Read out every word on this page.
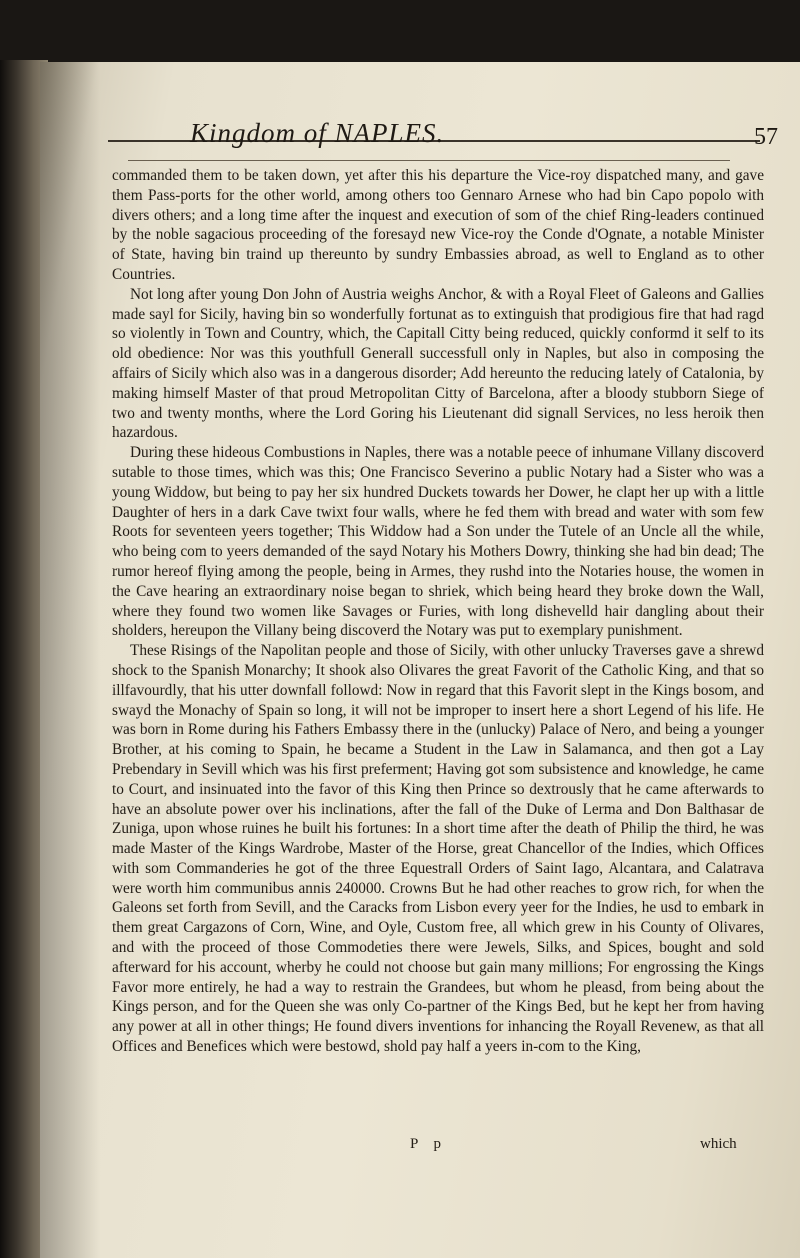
Kingdom of NAPLES.	57

commanded them to be taken down, yet after this his departure the Vice-roy dispatched many, and gave them Pass-ports for the other world, among others too Gennaro Arnese who had bin Capo popolo with divers others; and a long time after the inquest and execution of som of the chief Ring-leaders continued by the noble sagacious proceeding of the foresayd new Vice-roy the Conde d'Ognate, a notable Minister of State, having bin traind up thereunto by sundry Embassies abroad, as well to England as to other Countries.

Not long after young Don John of Austria weighs Anchor, & with a Royal Fleet of Galeons and Gallies made sayl for Sicily, having bin so wonderfully fortunat as to extinguish that prodigious fire that had ragd so violently in Town and Country, which, the Capitall Citty being reduced, quickly conformd it self to its old obedience: Nor was this youthfull Generall successfull only in Naples, but also in composing the affairs of Sicily which also was in a dangerous disorder; Add hereunto the reducing lately of Catalonia, by making himself Master of that proud Metropolitan Citty of Barcelona, after a bloody stubborn Siege of two and twenty months, where the Lord Goring his Lieutenant did signall Services, no less heroik then hazardous.

During these hideous Combustions in Naples, there was a notable peece of inhumane Villany discoverd sutable to those times, which was this; One Francisco Severino a public Notary had a Sister who was a young Widdow, but being to pay her six hundred Duckets towards her Dower, he clapt her up with a little Daughter of hers in a dark Cave twixt four walls, where he fed them with bread and water with som few Roots for seventeen yeers together; This Widdow had a Son under the Tutele of an Uncle all the while, who being com to yeers demanded of the sayd Notary his Mothers Dowry, thinking she had bin dead; The rumor hereof flying among the people, being in Armes, they rushd into the Notaries house, the women in the Cave hearing an extraordinary noise began to shriek, which being heard they broke down the Wall, where they found two women like Savages or Furies, with long dishevelld hair dangling about their sholders, hereupon the Villany being discoverd the Notary was put to exemplary punishment.

These Risings of the Napolitan people and those of Sicily, with other unlucky Traverses gave a shrewd shock to the Spanish Monarchy; It shook also Olivares the great Favorit of the Catholic King, and that so illfavourdly, that his utter downfall followd: Now in regard that this Favorit slept in the Kings bosom, and swayd the Monachy of Spain so long, it will not be improper to insert here a short Legend of his life. He was born in Rome during his Fathers Embassy there in the (unlucky) Palace of Nero, and being a younger Brother, at his coming to Spain, he became a Student in the Law in Salamanca, and then got a Lay Prebendary in Sevill which was his first preferment; Having got som subsistence and knowledge, he came to Court, and insinuated into the favor of this King then Prince so dextrously that he came afterwards to have an absolute power over his inclinations, after the fall of the Duke of Lerma and Don Balthasar de Zuniga, upon whose ruines he built his fortunes: In a short time after the death of Philip the third, he was made Master of the Kings Wardrobe, Master of the Horse, great Chancellor of the Indies, which Offices with som Commanderies he got of the three Equestrall Orders of Saint Iago, Alcantara, and Calatrava were worth him communibus annis 240000. Crowns But he had other reaches to grow rich, for when the Galeons set forth from Sevill, and the Caracks from Lisbon every yeer for the Indies, he usd to embark in them great Cargazons of Corn, Wine, and Oyle, Custom free, all which grew in his County of Olivares, and with the proceed of those Commodeties there were Jewels, Silks, and Spices, bought and sold afterward for his account, wherby he could not choose but gain many millions; For engrossing the Kings Favor more entirely, he had a way to restrain the Grandees, but whom he pleasd, from being about the Kings person, and for the Queen she was only Co-partner of the Kings Bed, but he kept her from having any power at all in other things; He found divers inventions for inhancing the Royall Revenew, as that all Offices and Benefices which were bestowd, shold pay half a yeers in-com to the King,

P p	which
